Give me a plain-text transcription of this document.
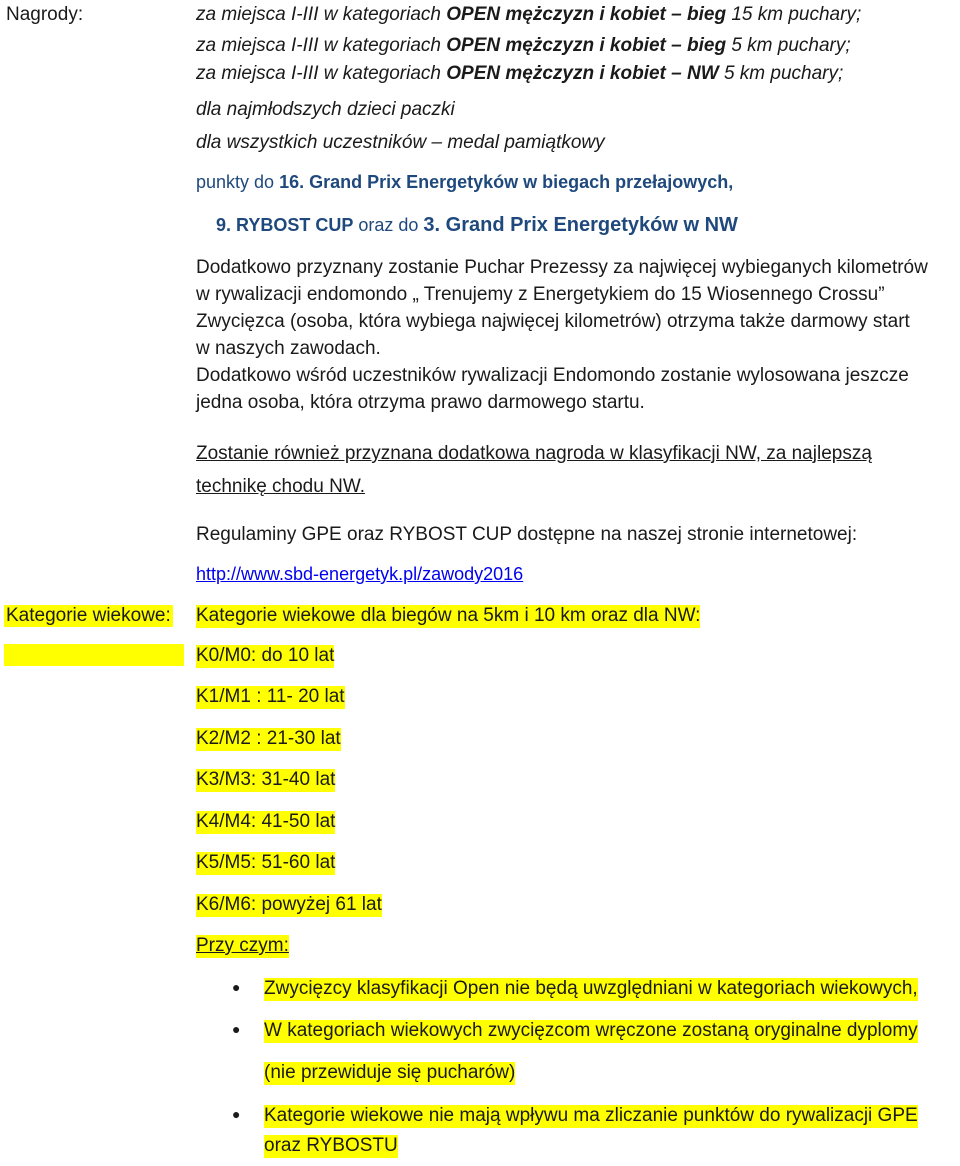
Nagrody:	za miejsca I-III w kategoriach OPEN mężczyzn i kobiet – bieg 15 km puchary;
za miejsca I-III w kategoriach OPEN mężczyzn i kobiet – bieg 5 km puchary;
za miejsca I-III w kategoriach OPEN mężczyzn i kobiet – NW 5 km puchary;
dla najmłodszych dzieci paczki
dla wszystkich uczestników – medal pamiątkowy
punkty do 16. Grand Prix Energetyków w biegach przełajowych,
9. RYBOST CUP oraz do 3. Grand Prix Energetyków w NW
Dodatkowo przyznany zostanie Puchar Prezessy za najwięcej wybieganych kilometrów
w rywalizacji endomondo „ Trenujemy z Energetykiem do 15 Wiosennego Crossu”
Zwycięzca (osoba, która wybiega najwięcej kilometrów) otrzyma także darmowy start
w naszych zawodach.
Dodatkowo wśród uczestników rywalizacji Endomondo zostanie wylosowana jeszcze
jedna osoba, która otrzyma prawo darmowego startu.
Zostanie również przyznana dodatkowa nagroda w klasyfikacji NW, za najlepszą
technikę chodu NW.
Regulaminy GPE oraz RYBOST CUP dostępne na naszej stronie internetowej:
http://www.sbd-energetyk.pl/zawody2016
Kategorie wiekowe: Kategorie wiekowe dla biegów na 5km i 10 km oraz dla NW:
K0/M0: do 10 lat
K1/M1 : 11- 20 lat
K2/M2 : 21-30 lat
K3/M3: 31-40 lat
K4/M4: 41-50 lat
K5/M5: 51-60 lat
K6/M6: powyżej 61 lat
Przy czym:
● Zwycięzcy klasyfikacji Open nie będą uwzględniani w kategoriach wiekowych,
● W kategoriach wiekowych zwycięzcom wręczone zostaną oryginalne dyplomy
(nie przewiduje się pucharów)
● Kategorie wiekowe nie mają wpływu ma zliczanie punktów do rywalizacji GPE
oraz RYBOSTU
